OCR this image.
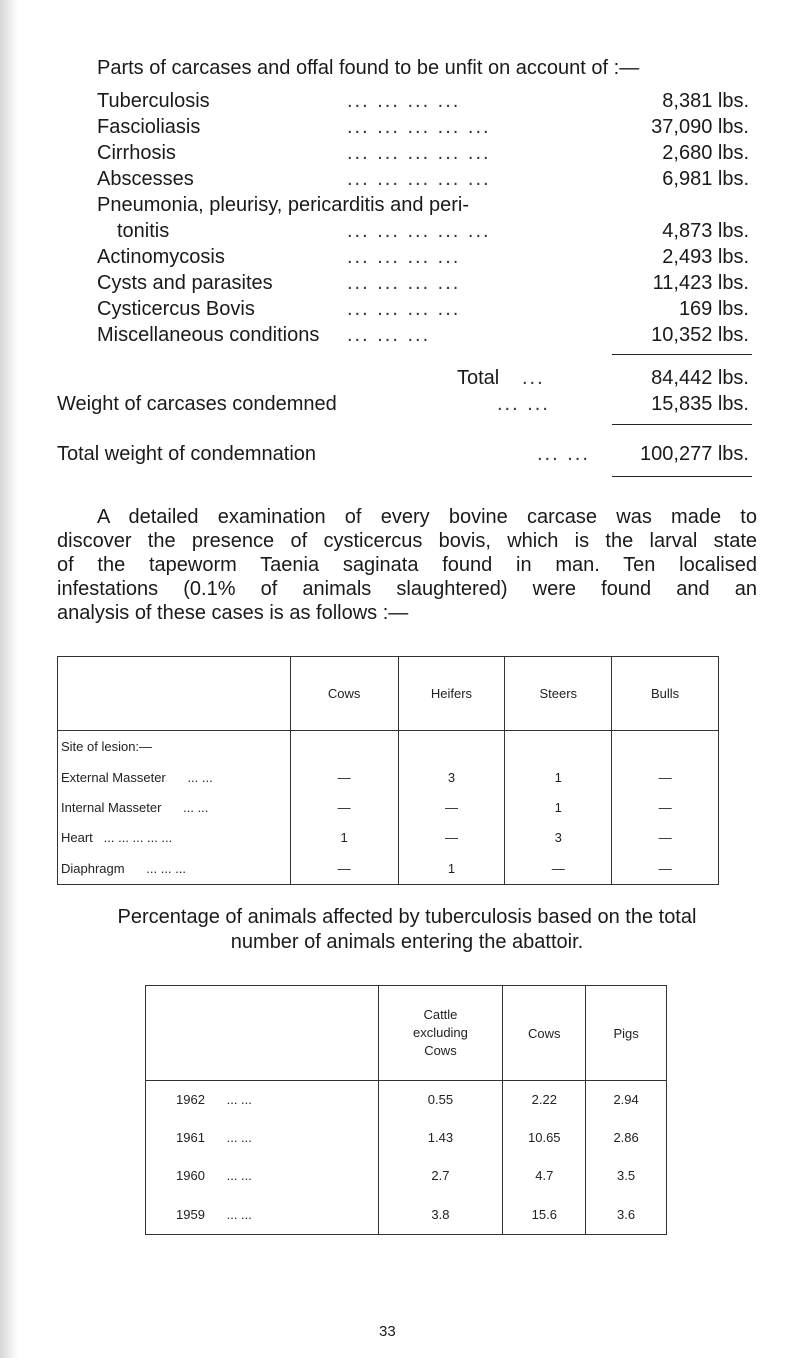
Parts of carcases and offal found to be unfit on account of :—
Tuberculosis	... ... ... ...	8,381 lbs.
Fascioliasis	... ... ... ... ...	37,090 lbs.
Cirrhosis	... ... ... ... ...	2,680 lbs.
Abscesses	... ... ... ... ...	6,981 lbs.
Pneumonia, pleurisy, pericarditis and peri-
tonitis	... ... ... ... ...	4,873 lbs.
Actinomycosis	... ... ... ...	2,493 lbs.
Cysts and parasites	... ... ... ...	11,423 lbs.
Cysticercus Bovis	... ... ... ...	169 lbs.
Miscellaneous conditions ... ... ...	10,352 lbs.
Total ...	84,442 lbs.
Weight of carcases condemned	... ...	15,835 lbs.
Total weight of condemnation	... ...	100,277 lbs.
A detailed examination of every bovine carcase was made to
discover the presence of cysticercus bovis, which is the larval state
of the tapeworm Taenia saginata found in man. Ten localised
infestations (0.1% of animals slaughtered) were found and an
analysis of these cases is as follows :—
	Cows	Heifers	Steers	Bulls
Site of lesion:—				
External Masseter ... ...	—	3	1	—
Internal Masseter ... ...	—	—	1	—
Heart ... ... ... ... ...	1	—	3	—
Diaphragm ... ... ...	—	1	—	—
Percentage of animals affected by tuberculosis based on the total
number of animals entering the abattoir.
	Cattle excluding Cows	Cows	Pigs
1962 ... ...	0.55	2.22	2.94
1961 ... ...	1.43	10.65	2.86
1960 ... ...	2.7	4.7	3.5
1959 ... ...	3.8	15.6	3.6
33
